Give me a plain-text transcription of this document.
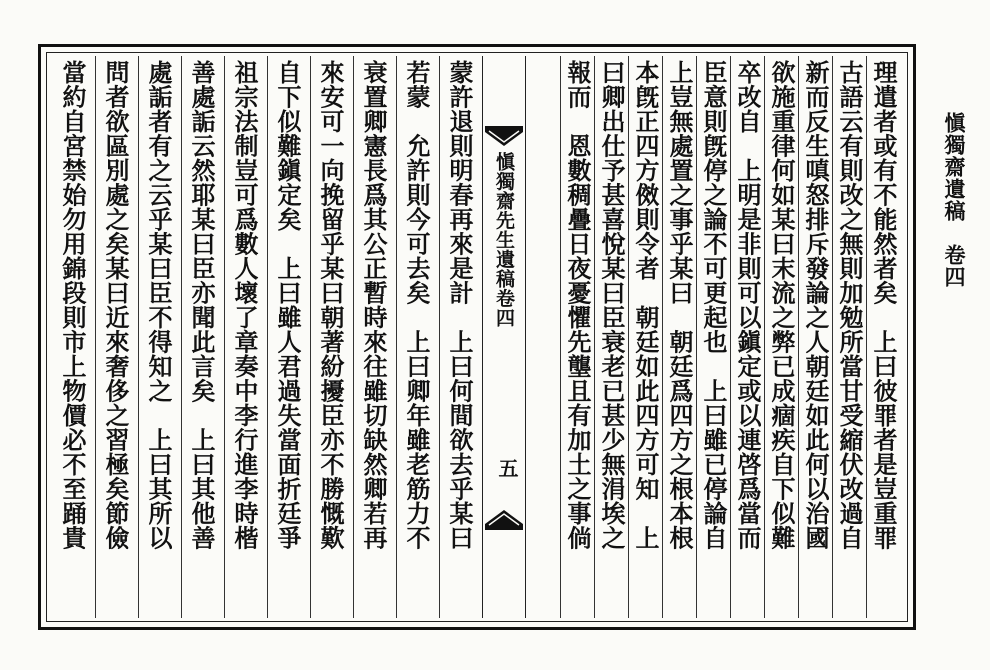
愼獨齋遺稿　卷四
愼獨齋先生遺稿卷四
五	理遣者或有不能然者矣　上曰彼罪者是豈重罪
古語云有則改之無則加勉所當甘受縮伏改過自
新而反生嗔怒排斥發論之人朝廷如此何以治國
欲施重律何如某曰末流之弊已成痼疾自下似難
卒改自　上明是非則可以鎭定或以連啓爲當而
臣意則旣停之論不可更起也　上曰雖已停論自
上豈無處置之事乎某曰　朝廷爲四方之根本根
本旣正四方傚則令者　朝廷如此四方可知　上
曰卿出仕予甚喜悅某曰臣衰老已甚少無涓埃之
報而　恩數稠疊日夜憂懼先壟且有加土之事倘
蒙許退則明春再來是計　上曰何間欲去乎某曰
若蒙　允許則今可去矣　上曰卿年雖老筋力不
衰置卿憲長爲其公正暫時來往雖切缺然卿若再
來安可一向挽留乎某曰朝著紛擾臣亦不勝慨歎
自下似難鎭定矣　上曰雖人君過失當面折廷爭
祖宗法制豈可爲數人壞了章奏中李行進李時楷
善處詬云然耶某曰臣亦聞此言矣　上曰其他善
處詬者有之云乎某曰臣不得知之　上曰其所以
問者欲區別處之矣某曰近來奢侈之習極矣節儉
當約自宮禁始勿用錦段則市上物價必不至踊貴
